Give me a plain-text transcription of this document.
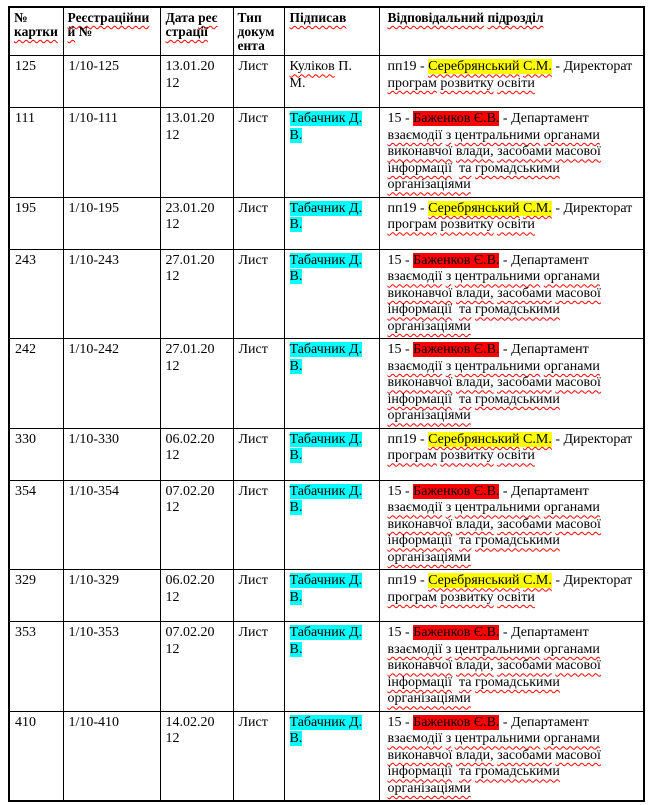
№ картки	Реєстраційний №	Дата реєстрації	Тип документа	Підписав	Відповідальний підрозділ
125	1/10-125	13.01.2012	Лист	Куліков П. М.	пп19 - Серебрянський С.М. - Директорат програм розвитку освіти
111	1/10-111	13.01.2012	Лист	Табачник Д. В.	15 - Баженков Є.В. - Департамент взаємодії з центральними органами виконавчої влади, засобами масової інформації та громадськими організаціями
195	1/10-195	23.01.2012	Лист	Табачник Д. В.	пп19 - Серебрянський С.М. - Директорат програм розвитку освіти
243	1/10-243	27.01.2012	Лист	Табачник Д. В.	15 - Баженков Є.В. - Департамент взаємодії з центральними органами виконавчої влади, засобами масової інформації та громадськими організаціями
242	1/10-242	27.01.2012	Лист	Табачник Д. В.	15 - Баженков Є.В. - Департамент взаємодії з центральними органами виконавчої влади, засобами масової інформації та громадськими організаціями
330	1/10-330	06.02.2012	Лист	Табачник Д. В.	пп19 - Серебрянський С.М. - Директорат програм розвитку освіти
354	1/10-354	07.02.2012	Лист	Табачник Д. В.	15 - Баженков Є.В. - Департамент взаємодії з центральними органами виконавчої влади, засобами масової інформації та громадськими організаціями
329	1/10-329	06.02.2012	Лист	Табачник Д. В.	пп19 - Серебрянський С.М. - Директорат програм розвитку освіти
353	1/10-353	07.02.2012	Лист	Табачник Д. В.	15 - Баженков Є.В. - Департамент взаємодії з центральними органами виконавчої влади, засобами масової інформації та громадськими організаціями
410	1/10-410	14.02.2012	Лист	Табачник Д. В.	15 - Баженков Є.В. - Департамент взаємодії з центральними органами виконавчої влади, засобами масової інформації та громадськими організаціями
